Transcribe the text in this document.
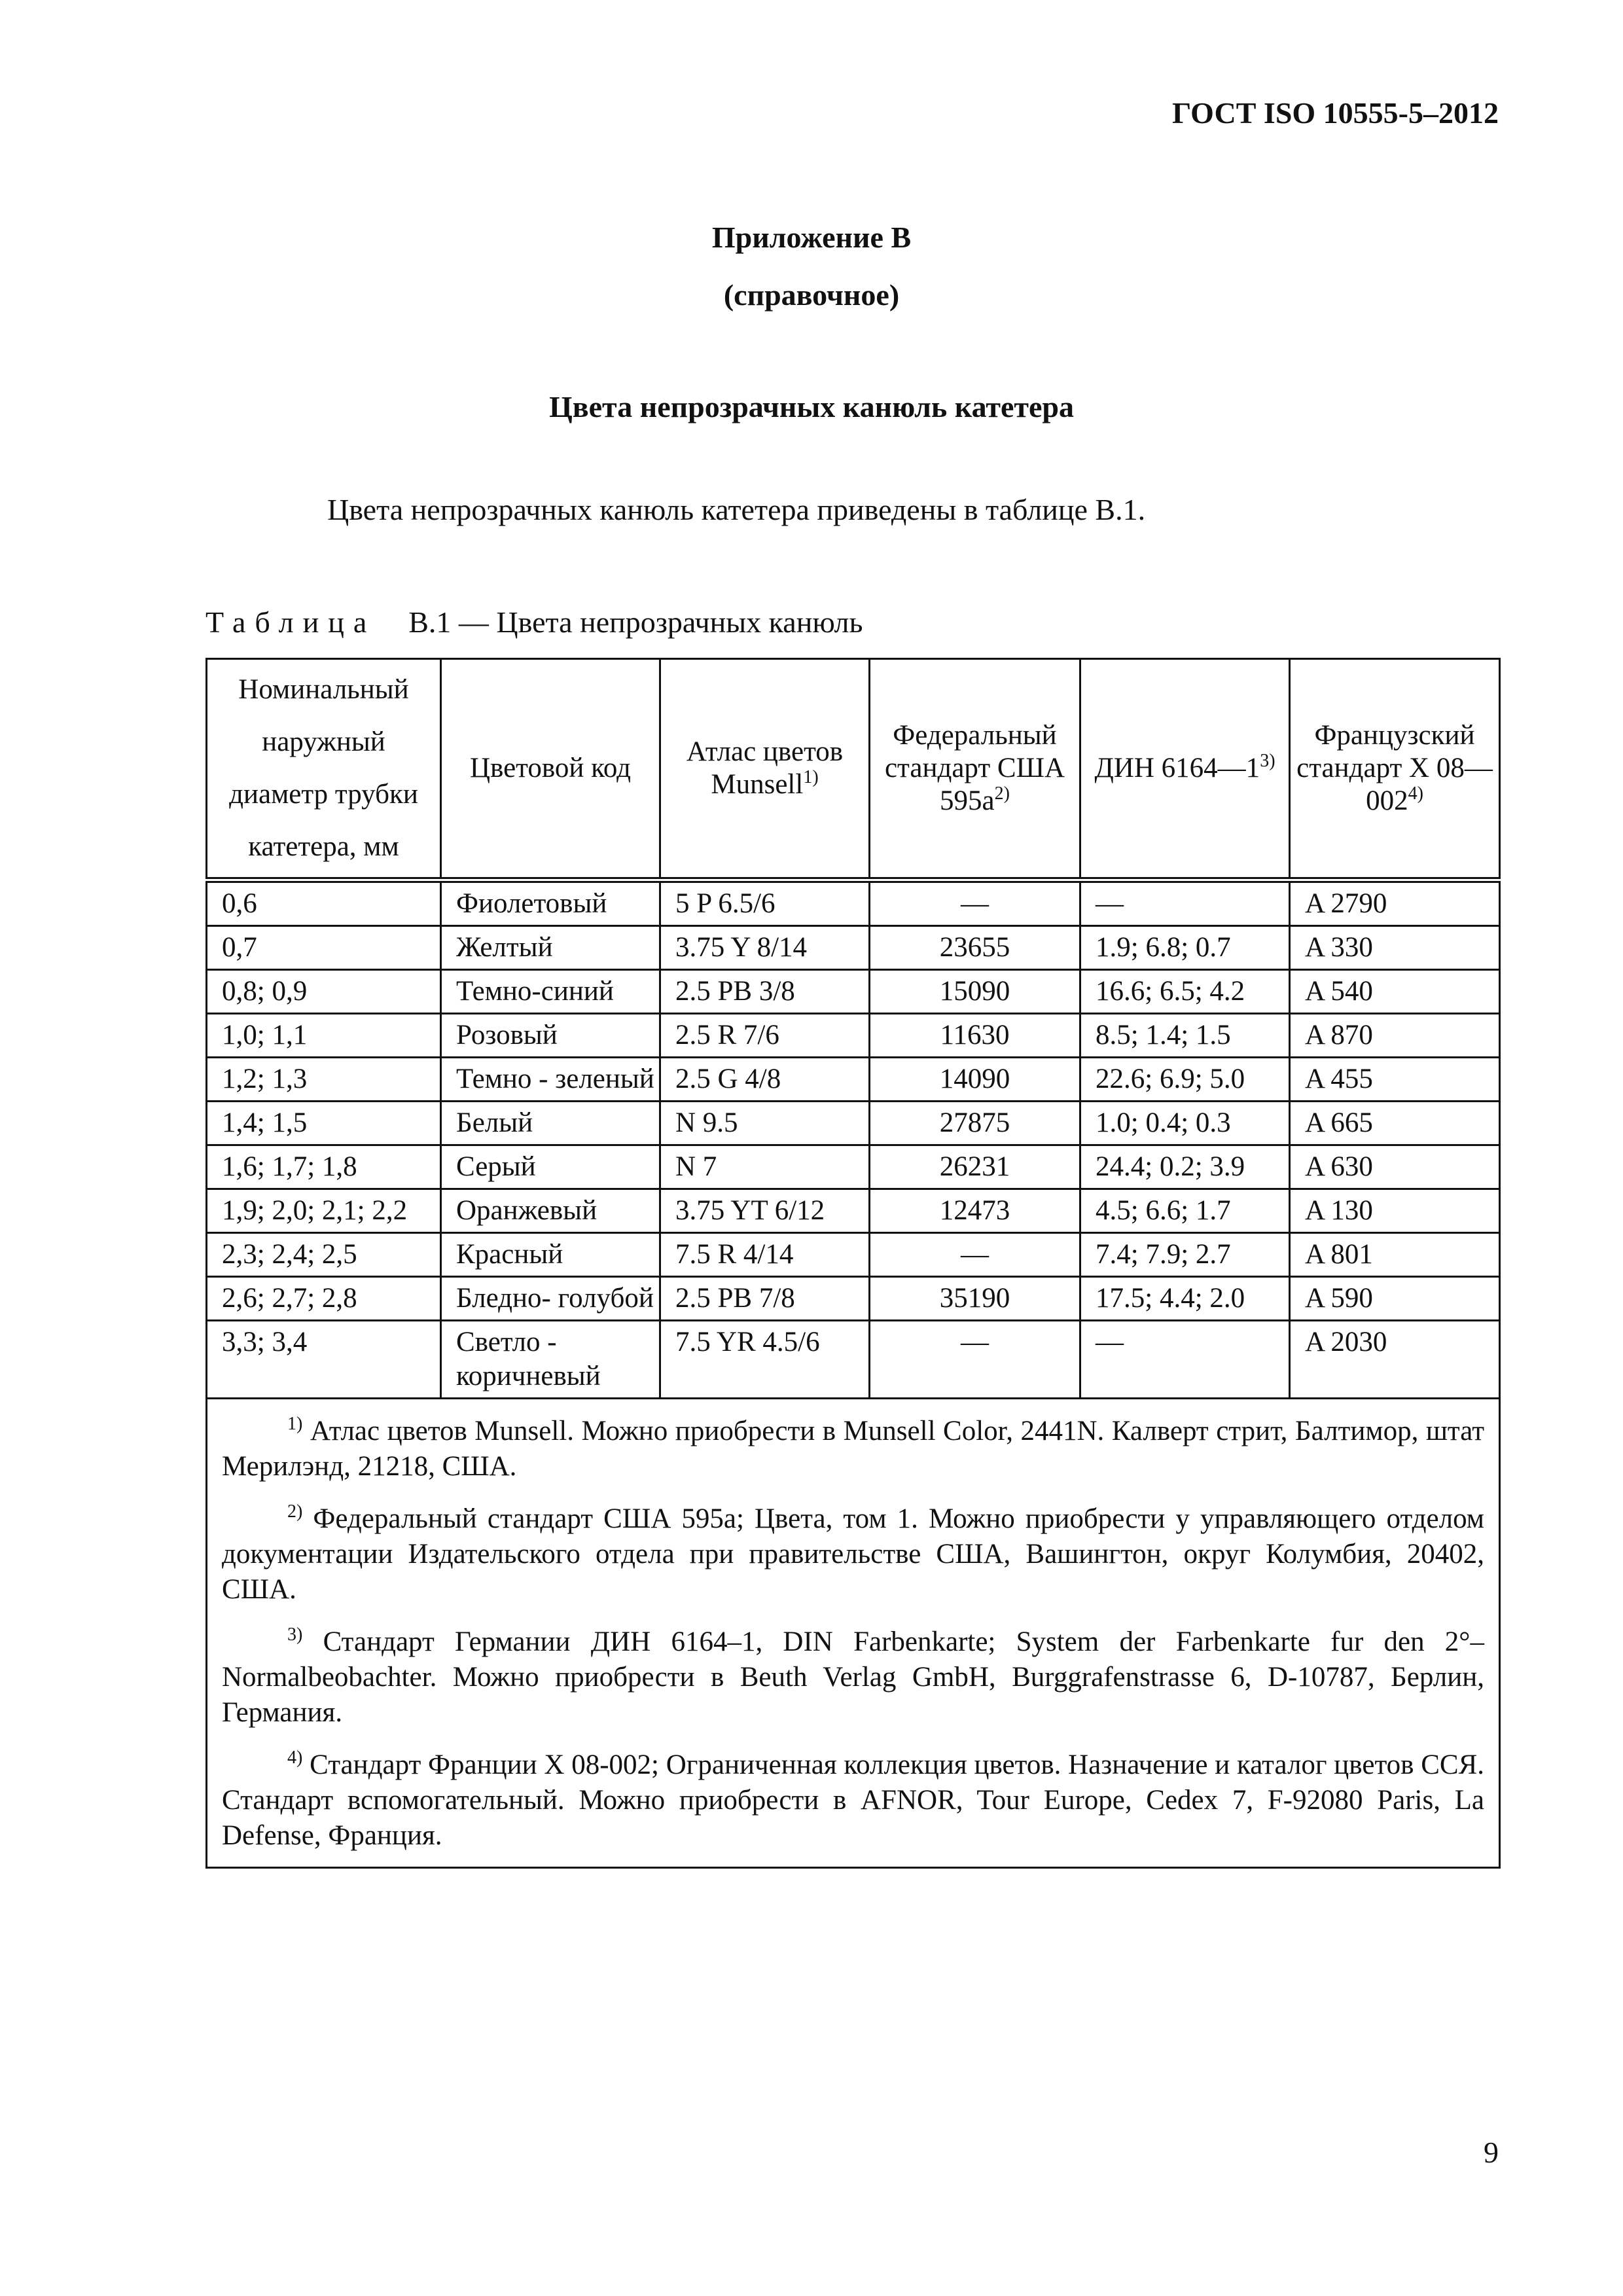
ГОСТ ISO 10555-5–2012
Приложение В
(справочное)
Цвета непрозрачных канюль катетера
Цвета непрозрачных канюль катетера приведены в таблице В.1.
Таблица В.1 — Цвета непрозрачных канюль
Номинальный наружный диаметр трубки катетера, мм	Цветовой код	Атлас цветов Munsell$^{1)}$	Федеральный стандарт США $595а^{2)}$	ДИН 6164—1$^{3)}$	Французский стандарт X 08—002$^{4)}$
0,6	Фиолетовый	5 P 6.5/6	—	—	A 2790
0,7	Желтый	3.75 Y 8/14	23655	1.9; 6.8; 0.7	A 330
0,8; 0,9	Темно-синий	2.5 PB 3/8	15090	16.6; 6.5; 4.2	A 540
1,0; 1,1	Розовый	2.5 R 7/6	11630	8.5; 1.4; 1.5	A 870
1,2; 1,3	Темно - зеленый	2.5 G 4/8	14090	22.6; 6.9; 5.0	A 455
1,4; 1,5	Белый	N 9.5	27875	1.0; 0.4; 0.3	A 665
1,6; 1,7; 1,8	Серый	N 7	26231	24.4; 0.2; 3.9	A 630
1,9; 2,0; 2,1; 2,2	Оранжевый	3.75 YT 6/12	12473	4.5; 6.6; 1.7	A 130
2,3; 2,4; 2,5	Красный	7.5 R 4/14	—	7.4; 7.9; 2.7	A 801
2,6; 2,7; 2,8	Бледно- голубой	2.5 PB 7/8	35190	17.5; 4.4; 2.0	A 590
3,3; 3,4	Светло - коричневый	7.5 YR 4.5/6	—	—	A 2030

$^{1)}$ Атлас цветов Munsell. Можно приобрести в Munsell Color, 2441N. Калверт стрит, Балтимор, штат Мерилэнд, 21218, США.

$^{2)}$ Федеральный стандарт США 595а; Цвета, том 1. Можно приобрести у управляющего отделом документации Издательского отдела при правительстве США, Вашингтон, округ Колумбия, 20402, США.

$^{3)}$ Стандарт Германии ДИН 6164–1, DIN Farbenkarte; System der Farbenkarte fur den 2°–Normalbeobachter. Можно приобрести в Beuth Verlag GmbH, Burggrafenstrasse 6, D-10787, Берлин, Германия.

$^{4)}$ Стандарт Франции X 08-002; Ограниченная коллекция цветов. Назначение и каталог цветов ССЯ. Стандарт вспомогательный. Можно приобрести в AFNOR, Tour Europe, Cedex 7, F-92080 Paris, La Defense, Франция.					

9
